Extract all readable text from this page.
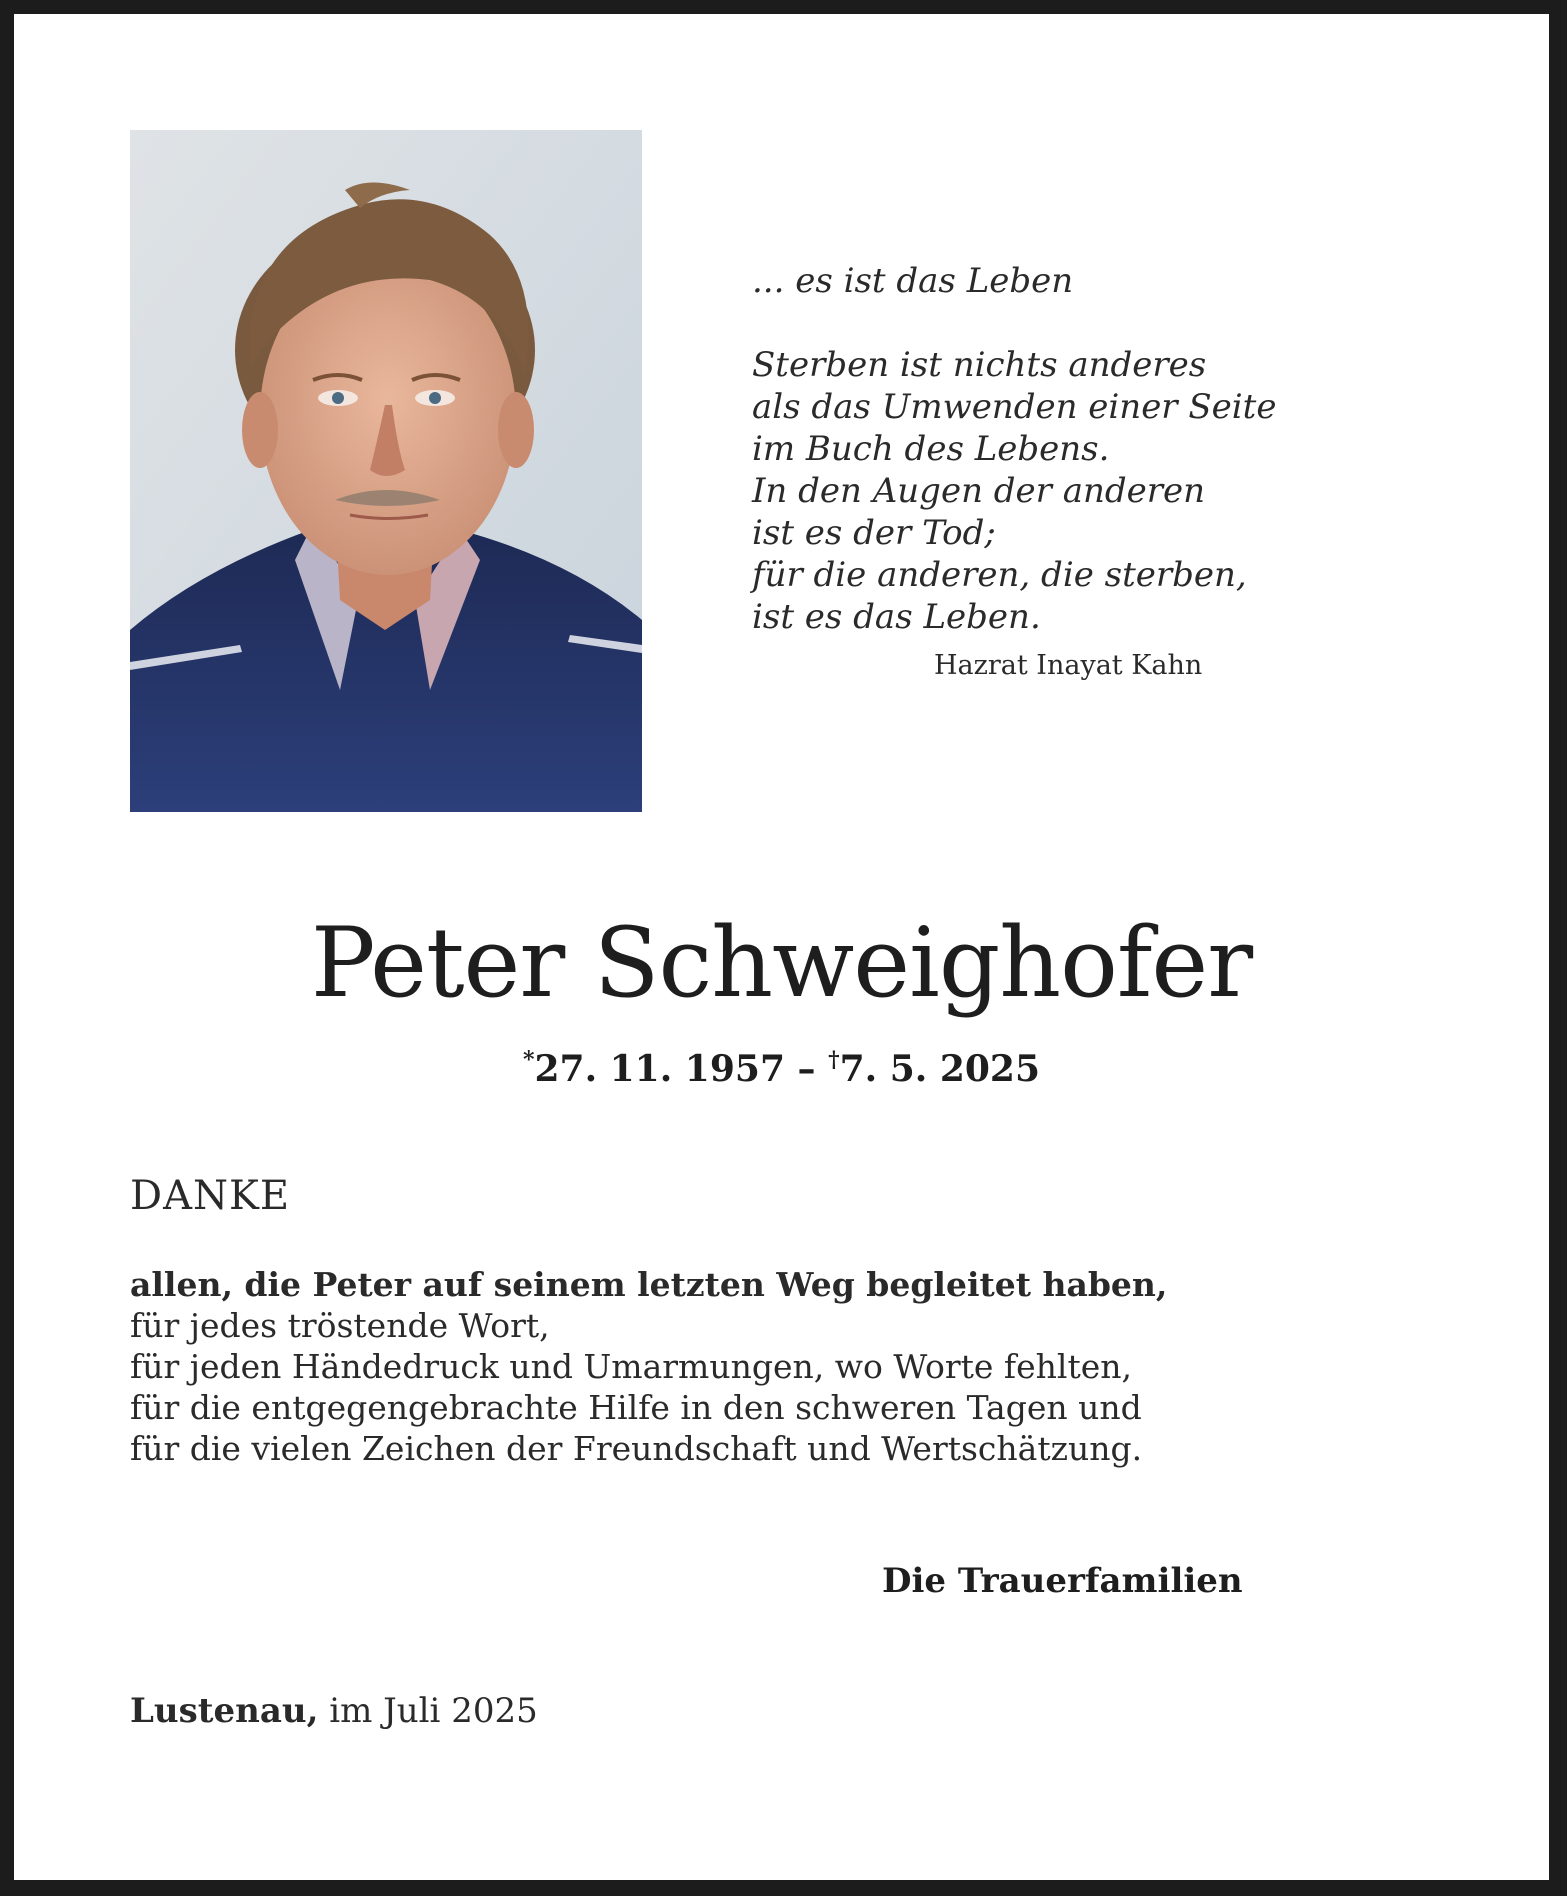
... es ist das Leben
Sterben ist nichts anderes
als das Umwenden einer Seite
im Buch des Lebens.
In den Augen der anderen
ist es der Tod;
für die anderen, die sterben,
ist es das Leben.
Hazrat Inayat Kahn
Peter Schweighofer
*27. 11. 1957 – †7. 5. 2025
DANKE
allen, die Peter auf seinem letzten Weg begleitet haben,
für jedes tröstende Wort,
für jeden Händedruck und Umarmungen, wo Worte fehlten,
für die entgegengebrachte Hilfe in den schweren Tagen und
für die vielen Zeichen der Freundschaft und Wertschätzung.
Die Trauerfamilien
Lustenau, im Juli 2025
